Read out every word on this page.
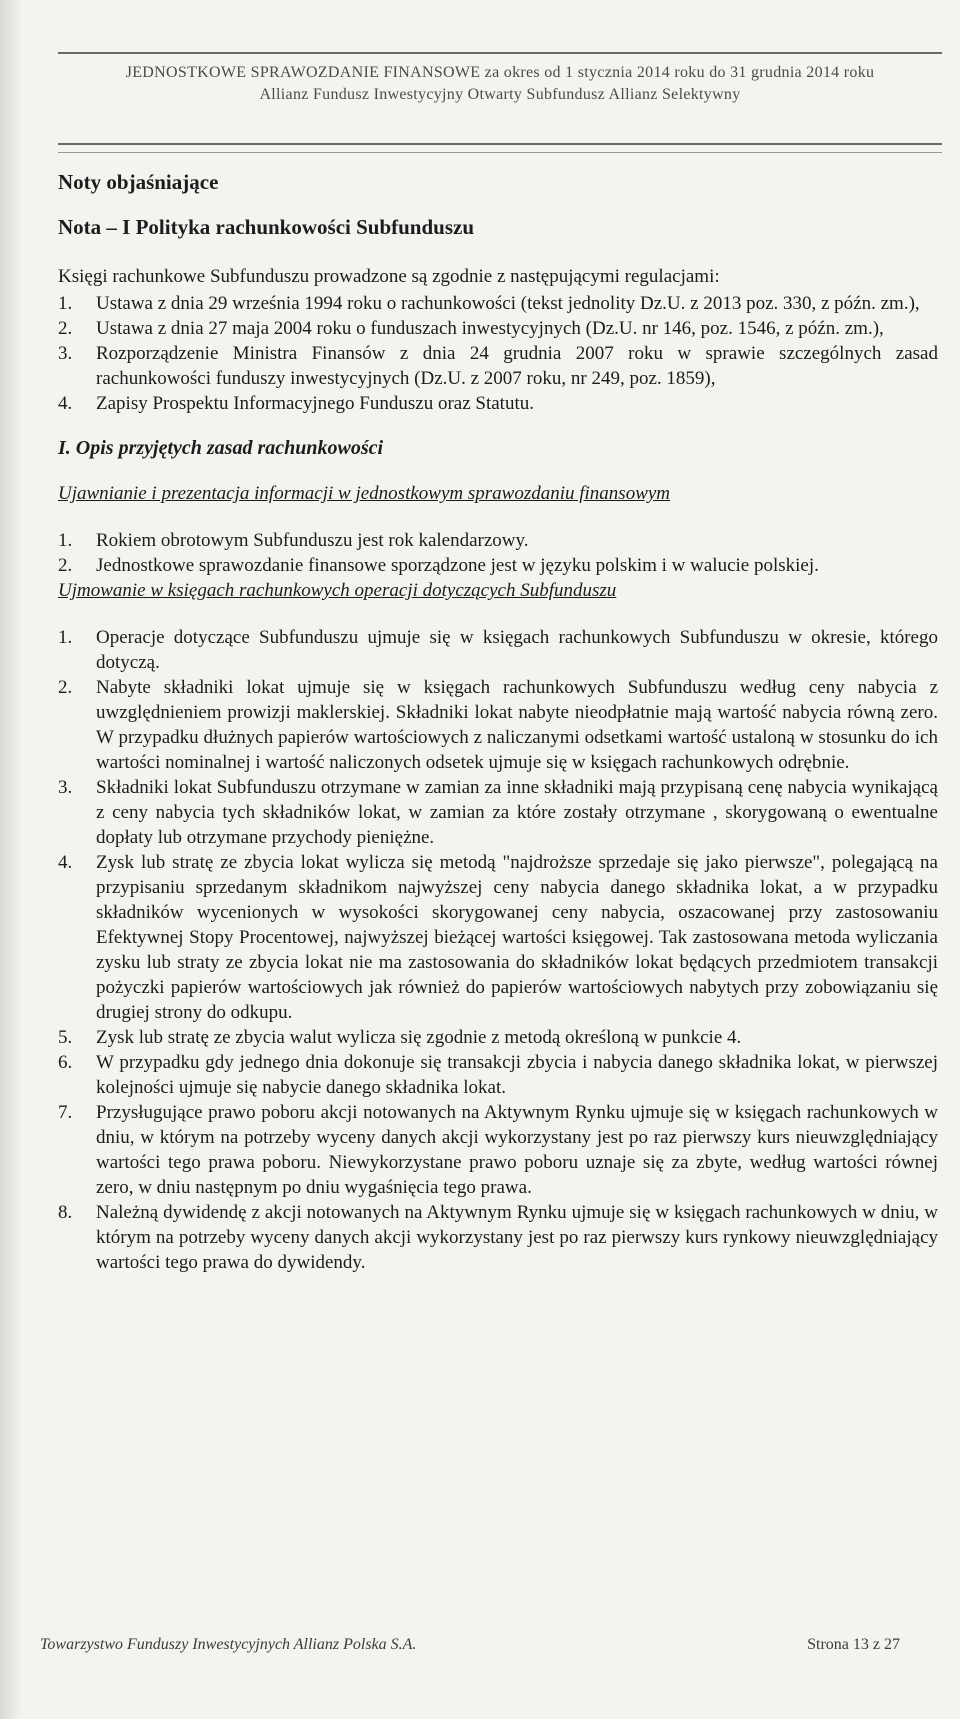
JEDNOSTKOWE SPRAWOZDANIE FINANSOWE za okres od 1 stycznia 2014 roku do 31 grudnia 2014 roku
Allianz Fundusz Inwestycyjny Otwarty Subfundusz Allianz Selektywny
Noty objaśniające
Nota – I Polityka rachunkowości Subfunduszu

Księgi rachunkowe Subfunduszu prowadzone są zgodnie z następującymi regulacjami:

1.	Ustawa z dnia 29 września 1994 roku o rachunkowości (tekst jednolity Dz.U. z 2013 poz. 330, z późn. zm.),
2.	Ustawa z dnia 27 maja 2004 roku o funduszach inwestycyjnych (Dz.U. nr 146, poz. 1546, z późn. zm.),
3.	Rozporządzenie Ministra Finansów z dnia 24 grudnia 2007 roku w sprawie szczególnych zasad rachunkowości funduszy inwestycyjnych (Dz.U. z 2007 roku, nr 249, poz. 1859),
4.	Zapisy Prospektu Informacyjnego Funduszu oraz Statutu.
I. Opis przyjętych zasad rachunkowości
Ujawnianie i prezentacja informacji w jednostkowym sprawozdaniu finansowym
1.	Rokiem obrotowym Subfunduszu jest rok kalendarzowy.
2.	Jednostkowe sprawozdanie finansowe sporządzone jest w języku polskim i w walucie polskiej.
Ujmowanie w księgach rachunkowych operacji dotyczących Subfunduszu
1.	Operacje dotyczące Subfunduszu ujmuje się w księgach rachunkowych Subfunduszu w okresie, którego dotyczą.
2.	Nabyte składniki lokat ujmuje się w księgach rachunkowych Subfunduszu według ceny nabycia z uwzględnieniem prowizji maklerskiej. Składniki lokat nabyte nieodpłatnie mają wartość nabycia równą zero. W przypadku dłużnych papierów wartościowych z naliczanymi odsetkami wartość ustaloną w stosunku do ich wartości nominalnej i wartość naliczonych odsetek ujmuje się w księgach rachunkowych odrębnie.
3.	Składniki lokat Subfunduszu otrzymane w zamian za inne składniki mają przypisaną cenę nabycia wynikającą z ceny nabycia tych składników lokat, w zamian za które zostały otrzymane , skorygowaną o ewentualne dopłaty lub otrzymane przychody pieniężne.
4.	Zysk lub stratę ze zbycia lokat wylicza się metodą "najdroższe sprzedaje się jako pierwsze", polegającą na przypisaniu sprzedanym składnikom najwyższej ceny nabycia danego składnika lokat, a w przypadku składników wycenionych w wysokości skorygowanej ceny nabycia, oszacowanej przy zastosowaniu Efektywnej Stopy Procentowej, najwyższej bieżącej wartości księgowej. Tak zastosowana metoda wyliczania zysku lub straty ze zbycia lokat nie ma zastosowania do składników lokat będących przedmiotem transakcji pożyczki papierów wartościowych jak również do papierów wartościowych nabytych przy zobowiązaniu się drugiej strony do odkupu.
5.	Zysk lub stratę ze zbycia walut wylicza się zgodnie z metodą określoną w punkcie 4.
6.	W przypadku gdy jednego dnia dokonuje się transakcji zbycia i nabycia danego składnika lokat, w pierwszej kolejności ujmuje się nabycie danego składnika lokat.
7.	Przysługujące prawo poboru akcji notowanych na Aktywnym Rynku ujmuje się w księgach rachunkowych w dniu, w którym na potrzeby wyceny danych akcji wykorzystany jest po raz pierwszy kurs nieuwzględniający wartości tego prawa poboru. Niewykorzystane prawo poboru uznaje się za zbyte, według wartości równej zero, w dniu następnym po dniu wygaśnięcia tego prawa.
8.	Należną dywidendę z akcji notowanych na Aktywnym Rynku ujmuje się w księgach rachunkowych w dniu, w którym na potrzeby wyceny danych akcji wykorzystany jest po raz pierwszy kurs rynkowy nieuwzględniający wartości tego prawa do dywidendy.
Towarzystwo Funduszy Inwestycyjnych Allianz Polska S.A.	Strona 13 z 27
